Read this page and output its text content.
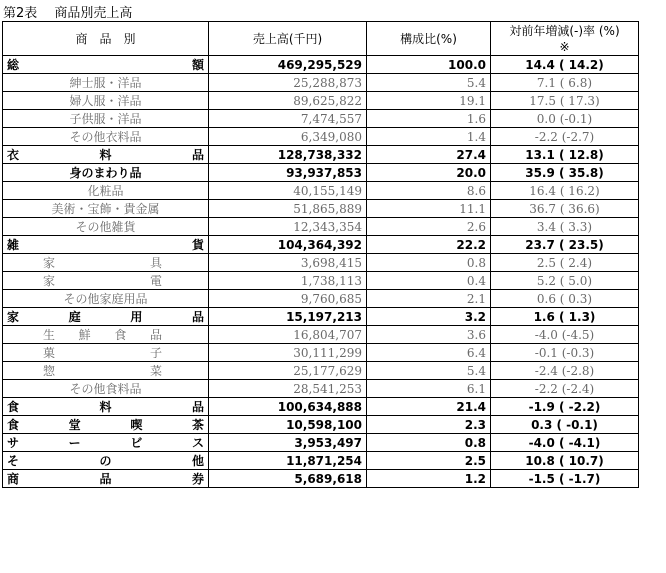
第2表　 商品別売上高
商　品　別	売上高(千円)	構成比(%)	対前年増減(-)率 (%)
※

総　　　　額	469,295,529	100.0	14.4 ( 14.2)
紳士服・洋品	25,288,873	5.4	7.1 ( 6.8)
婦人服・洋品	89,625,822	19.1	17.5 ( 17.3)
子供服・洋品	7,474,557	1.6	0.0 (-0.1)
その他衣料品	6,349,080	1.4	-2.2 (-2.7)
衣　料　品	128,738,332	27.4	13.1 ( 12.8)
身のまわり品	93,937,853	20.0	35.9 ( 35.8)
化粧品	40,155,149	8.6	16.4 ( 16.2)
美術・宝飾・貴金属	51,865,889	11.1	36.7 ( 36.6)
その他雑貨	12,343,354	2.6	3.4 ( 3.3)
雑　　　貨	104,364,392	22.2	23.7 ( 23.5)
家　具	3,698,415	0.8	2.5 ( 2.4)
家　電	1,738,113	0.4	5.2 ( 5.0)
その他家庭用品	9,760,685	2.1	0.6 ( 0.3)
家　庭　用　品	15,197,213	3.2	1.6 ( 1.3)
生　鮮　食　品	16,804,707	3.6	-4.0 (-4.5)
菓　子	30,111,299	6.4	-0.1 (-0.3)
惣　菜	25,177,629	5.4	-2.4 (-2.8)
その他食料品	28,541,253	6.1	-2.2 (-2.4)
食　　料　　品	100,634,888	21.4	-1.9 ( -2.2)
食　堂　喫　茶	10,598,100	2.3	0.3 ( -0.1)
サ　ー　ビ　ス	3,953,497	0.8	-4.0 ( -4.1)
そ　の　他	11,871,254	2.5	10.8 ( 10.7)
商　　品　　券	5,689,618	1.2	-1.5 ( -1.7)
